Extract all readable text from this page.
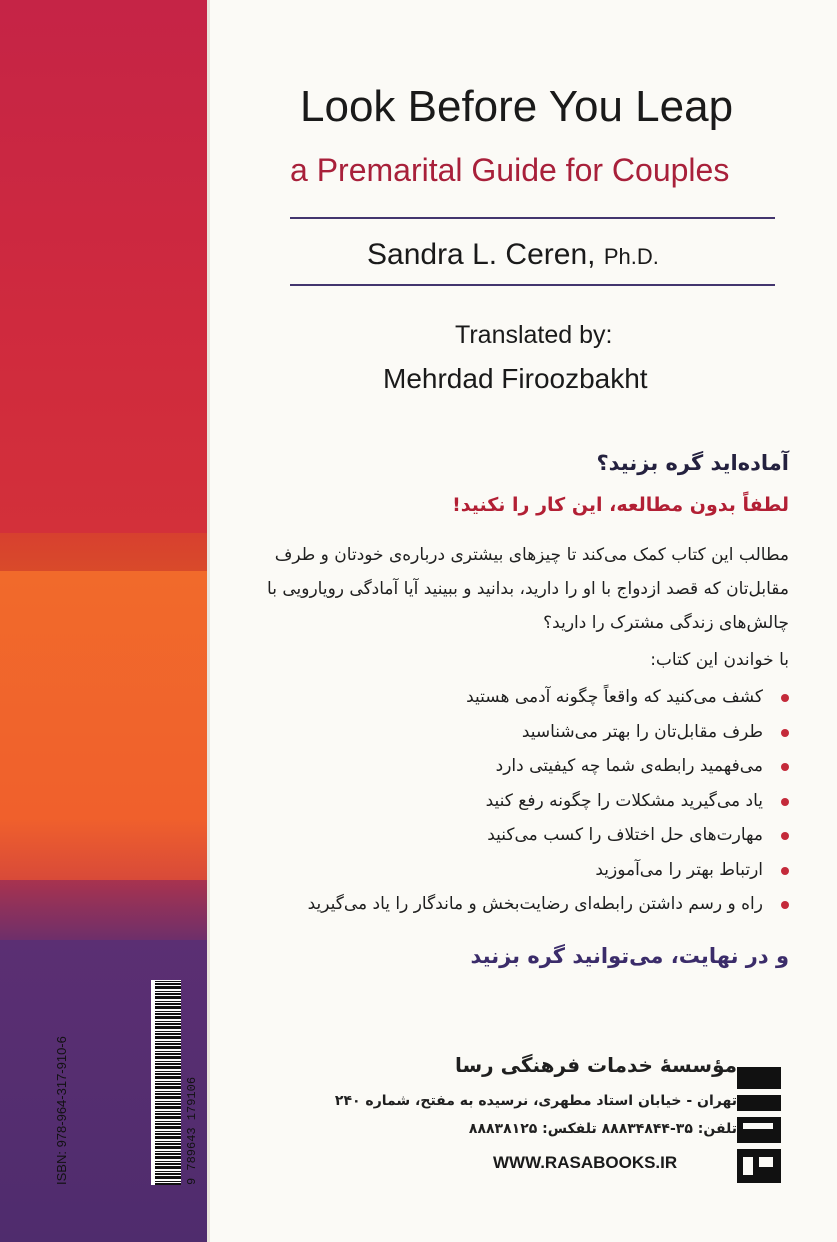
Look Before You Leap
a Premarital Guide for Couples
Sandra L. Ceren, Ph.D.
Translated by:
Mehrdad Firoozbakht
آماده‌اید گره بزنید؟
لطفاً بدون مطالعه، این کار را نکنید!
مطالب این کتاب کمک می‌کند تا چیزهای بیشتری درباره‌ی خودتان و طرف مقابل‌تان که قصد ازدواج با او را دارید، بدانید و ببینید آیا آمادگی رویارویی با چالش‌های زندگی مشترک را دارید؟
با خواندن این کتاب:
کشف می‌کنید که واقعاً چگونه آدمی هستید
طرف مقابل‌تان را بهتر می‌شناسید
می‌فهمید رابطه‌ی شما چه کیفیتی دارد
یاد می‌گیرید مشکلات را چگونه رفع کنید
مهارت‌های حل اختلاف را کسب می‌کنید
ارتباط بهتر را می‌آموزید
راه و رسم داشتن رابطه‌ای رضایت‌بخش و ماندگار را یاد می‌گیرید
و در نهایت، می‌توانید گره بزنید
ISBN: 978-964-317-910-6	9 789643 179106
مؤسسهٔ خدمات فرهنگی رسا
تهران - خیابان استاد مطهری، نرسیده به مفتح، شماره ۲۴۰
تلفن: ۳۵-۸۸۸۳۴۸۴۴ تلفکس: ۸۸۸۳۸۱۲۵
WWW.RASABOOKS.IR
